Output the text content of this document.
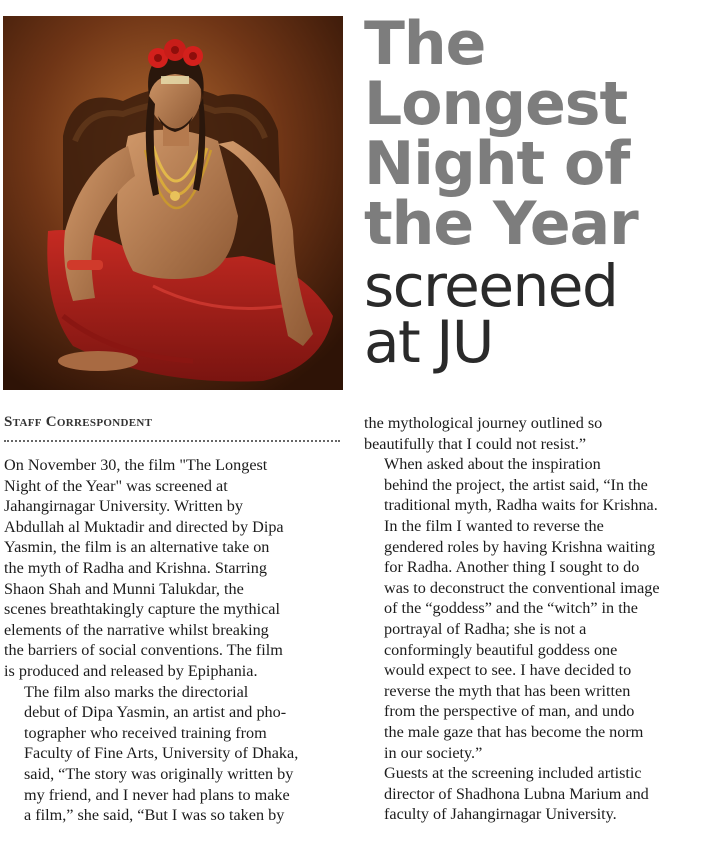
The
Longest
Night of
the Year
screened
at JU
Staff Correspondent

On November 30, the film "The Longest
Night of the Year" was screened at
Jahangirnagar University. Written by
Abdullah al Muktadir and directed by Dipa
Yasmin, the film is an alternative take on
the myth of Radha and Krishna. Starring
Shaon Shah and Munni Talukdar, the
scenes breathtakingly capture the mythical
elements of the narrative whilst breaking
the barriers of social conventions. The film
is produced and released by Epiphania.

The film also marks the directorial
debut of Dipa Yasmin, an artist and pho-
tographer who received training from
Faculty of Fine Arts, University of Dhaka,
said, “The story was originally written by
my friend, and I never had plans to make
a film,” she said, “But I was so taken by

the mythological journey outlined so
beautifully that I could not resist.”

When asked about the inspiration
behind the project, the artist said, “In the
traditional myth, Radha waits for Krishna.
In the film I wanted to reverse the
gendered roles by having Krishna waiting
for Radha. Another thing I sought to do
was to deconstruct the conventional image
of the “goddess” and the “witch” in the
portrayal of Radha; she is not a
conformingly beautiful goddess one
would expect to see. I have decided to
reverse the myth that has been written
from the perspective of man, and undo
the male gaze that has become the norm
in our society.”

Guests at the screening included artistic
director of Shadhona Lubna Marium and
faculty of Jahangirnagar University.
